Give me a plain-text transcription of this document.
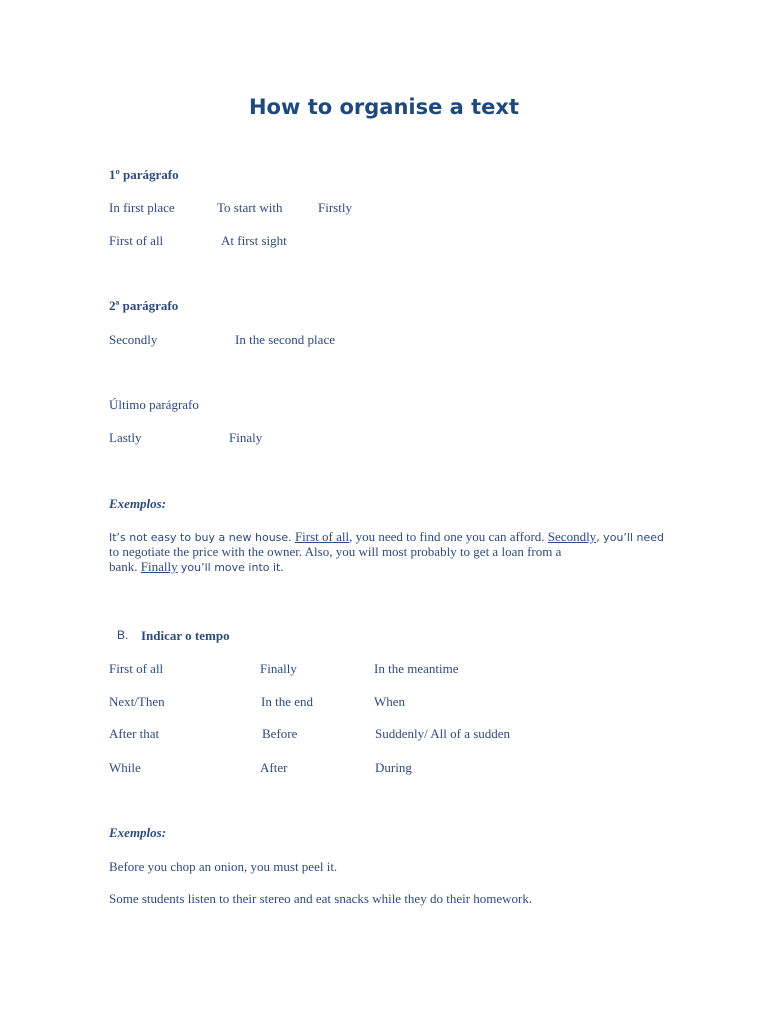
How to organise a text
1º parágrafo
In first place	To start with	Firstly
First of all	At first sight
2ª parágrafo
Secondly	In the second place
Último parágrafo
Lastly	Finaly
Exemplos:
It’s not easy to buy a new house. First of all, you need to find one you can afford. Secondly, you’ll need
to negotiate the price with the owner. Also, you will most probably to get a loan from a
bank. Finally you’ll move into it.
B. Indicar o tempo
First of all	Finally	In the meantime
Next/Then	In the end	When
After that	Before	Suddenly/ All of a sudden
While	After	During
Exemplos:
Before you chop an onion, you must peel it.
Some students listen to their stereo and eat snacks while they do their homework.
